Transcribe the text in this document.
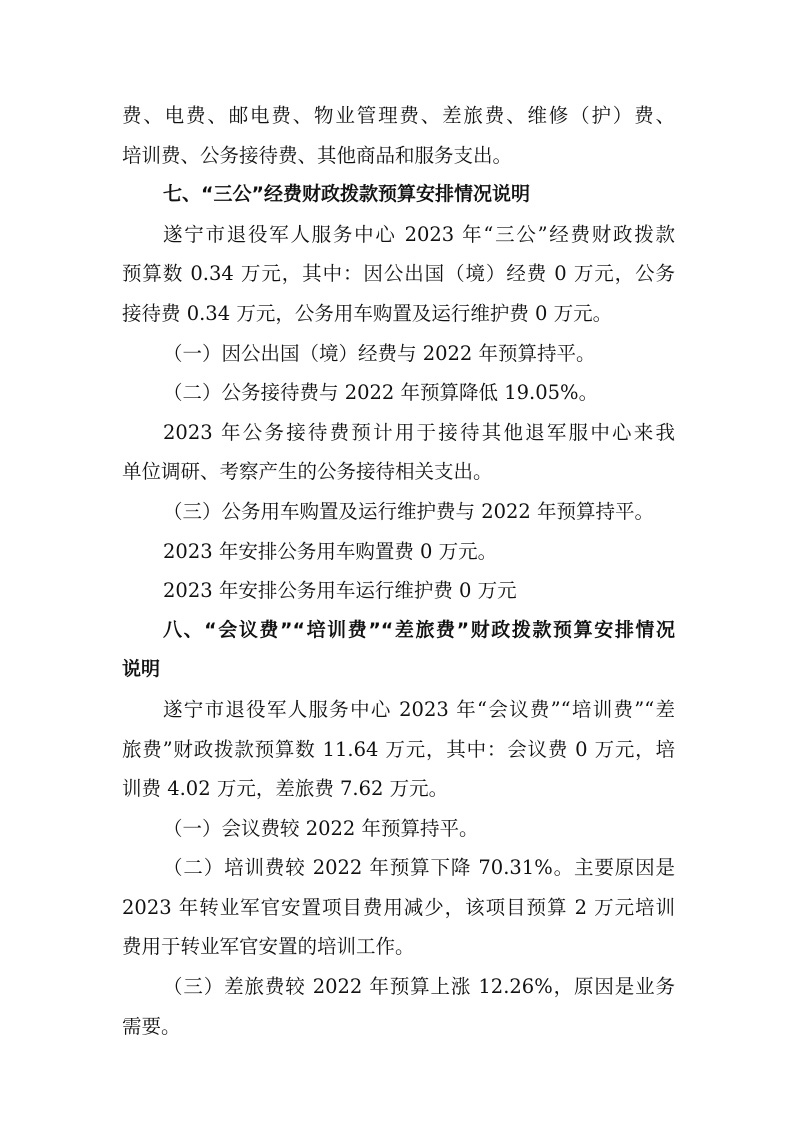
费、电费、邮电费、物业管理费、差旅费、维修（护）费、
培训费、公务接待费、其他商品和服务支出。
七、“三公”经费财政拨款预算安排情况说明
遂宁市退役军人服务中心 2023 年“三公”经费财政拨款
预算数 0.34 万元，其中：因公出国（境）经费 0 万元，公务
接待费 0.34 万元，公务用车购置及运行维护费 0 万元。
（一）因公出国（境）经费与 2022 年预算持平。
（二）公务接待费与 2022 年预算降低 19.05%。
2023 年公务接待费预计用于接待其他退军服中心来我
单位调研、考察产生的公务接待相关支出。
（三）公务用车购置及运行维护费与 2022 年预算持平。
2023 年安排公务用车购置费 0 万元。
2023 年安排公务用车运行维护费 0 万元
八、“会议费”“培训费”“差旅费”财政拨款预算安排情况
说明
遂宁市退役军人服务中心 2023 年“会议费”“培训费”“差
旅费”财政拨款预算数 11.64 万元，其中：会议费 0 万元，培
训费 4.02 万元，差旅费 7.62 万元。
（一）会议费较 2022 年预算持平。
（二）培训费较 2022 年预算下降 70.31%。主要原因是
2023 年转业军官安置项目费用减少，该项目预算 2 万元培训
费用于转业军官安置的培训工作。
（三）差旅费较 2022 年预算上涨 12.26%，原因是业务
需要。
